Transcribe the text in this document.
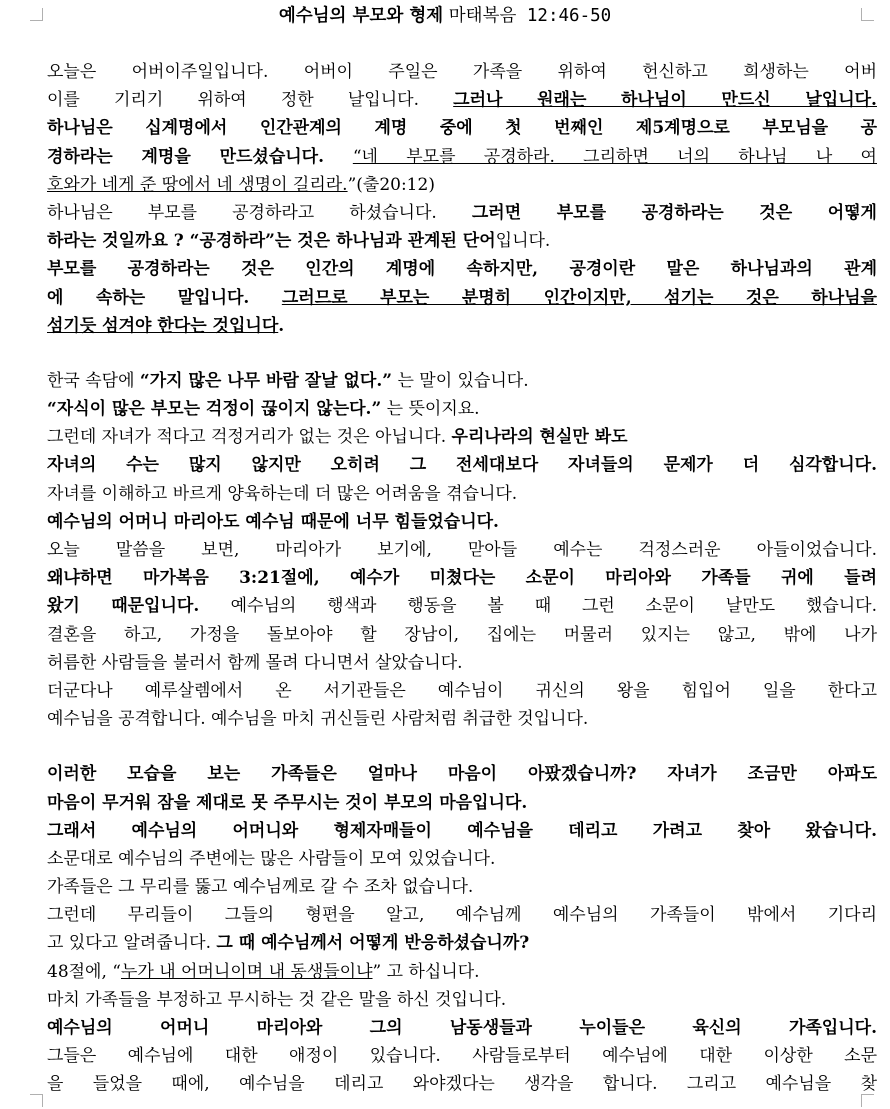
예수님의 부모와 형제 마태복음 12:46-50
오늘은 어버이주일입니다. 어버이 주일은 가족을 위하여 헌신하고 희생하는 어버
이를 기리기 위하여 정한 날입니다. 그러나 원래는 하나님이 만드신 날입니다.
하나님은 십계명에서 인간관계의 계명 중에 첫 번째인 제5계명으로 부모님을 공
경하라는 계명을 만드셨습니다. “네 부모를 공경하라. 그리하면 너의 하나님 나 여
호와가 네게 준 땅에서 네 생명이 길리라.”(출20:12)
하나님은 부모를 공경하라고 하셨습니다. 그러면 부모를 공경하라는 것은 어떻게
하라는 것일까요 ? “공경하라”는 것은 하나님과 관계된 단어입니다.
부모를 공경하라는 것은 인간의 계명에 속하지만, 공경이란 말은 하나님과의 관계
에 속하는 말입니다. 그러므로 부모는 분명히 인간이지만, 섬기는 것은 하나님을
섬기듯 섬겨야 한다는 것입니다.
한국 속담에 “가지 많은 나무 바람 잘날 없다.” 는 말이 있습니다.
“자식이 많은 부모는 걱정이 끊이지 않는다.” 는 뜻이지요.
그런데 자녀가 적다고 걱정거리가 없는 것은 아닙니다. 우리나라의 현실만 봐도
자녀의 수는 많지 않지만 오히려 그 전세대보다 자녀들의 문제가 더 심각합니다.
자녀를 이해하고 바르게 양육하는데 더 많은 어려움을 겪습니다.
예수님의 어머니 마리아도 예수님 때문에 너무 힘들었습니다.
오늘 말씀을 보면, 마리아가 보기에, 맏아들 예수는 걱정스러운 아들이었습니다.
왜냐하면 마가복음 3:21절에, 예수가 미쳤다는 소문이 마리아와 가족들 귀에 들려
왔기 때문입니다. 예수님의 행색과 행동을 볼 때 그런 소문이 날만도 했습니다.
결혼을 하고, 가정을 돌보아야 할 장남이, 집에는 머물러 있지는 않고, 밖에 나가
허름한 사람들을 불러서 함께 몰려 다니면서 살았습니다.
더군다나 예루살렘에서 온 서기관들은 예수님이 귀신의 왕을 힘입어 일을 한다고
예수님을 공격합니다. 예수님을 마치 귀신들린 사람처럼 취급한 것입니다.
이러한 모습을 보는 가족들은 얼마나 마음이 아팠겠습니까? 자녀가 조금만 아파도
마음이 무거워 잠을 제대로 못 주무시는 것이 부모의 마음입니다.
그래서 예수님의 어머니와 형제자매들이 예수님을 데리고 가려고 찾아 왔습니다.
소문대로 예수님의 주변에는 많은 사람들이 모여 있었습니다.
가족들은 그 무리를 뚫고 예수님께로 갈 수 조차 없습니다.
그런데 무리들이 그들의 형편을 알고, 예수님께 예수님의 가족들이 밖에서 기다리
고 있다고 알려줍니다. 그 때 예수님께서 어떻게 반응하셨습니까?
48절에, “누가 내 어머니이며 내 동생들이냐” 고 하십니다.
마치 가족들을 부정하고 무시하는 것 같은 말을 하신 것입니다.
예수님의 어머니 마리아와 그의 남동생들과 누이들은 육신의 가족입니다.
그들은 예수님에 대한 애정이 있습니다. 사람들로부터 예수님에 대한 이상한 소문
을 들었을 때에, 예수님을 데리고 와야겠다는 생각을 합니다. 그리고 예수님을 찾
